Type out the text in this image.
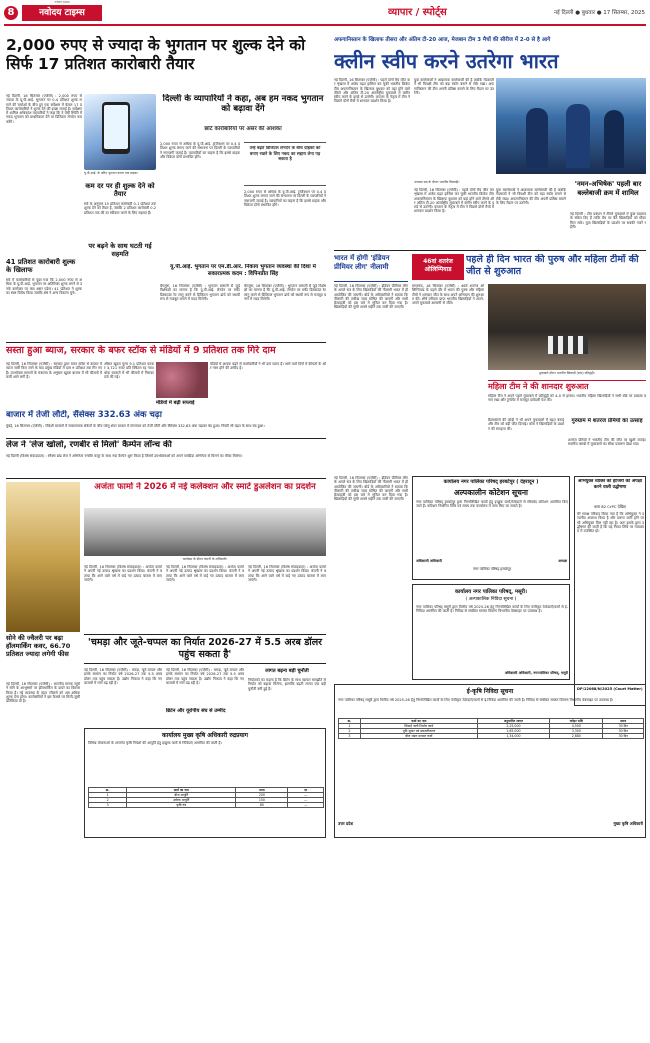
8	नवोदय टाइम्स
नवोदय टाइम्स
व्यापार / स्पोर्ट्स	नई दिल्ली ● बुधवार ● 17 सितम्बर, 2025
2,000 रुपए से ज्यादा के भुगतान पर शुल्क देने को सिर्फ 17 प्रतिशत कारोबारी तैयार

नई दिल्ली, 16 सितम्बर (एजेंसी) : 2,000 रुपए से ज्यादा के यू.पी.आई. भुगतान पर 0.4 प्रतिशत शुल्क लगाने की चर्चाओं के बीच हुए एक सर्वेक्षण में केवल 17 प्रतिशत कारोबारियों ने शुल्क देने की इच्छा जताई है। सर्वेक्षण में शामिल अधिकांश व्यापारियों ने कहा कि वे ऐसी स्थिति में नकद भुगतान को प्राथमिकता देंगे या डिजिटल लेनदेन कम करेंगे।

यू.पी.आई. के जरिए भुगतान करता एक ग्राहक।
कम दर पर ही शुल्क देने को तैयार
सर्वे के अनुसार 15 प्रतिशत कारोबारी 0.1 प्रतिशत तक शुल्क देने को तैयार हैं, जबकि 2 प्रतिशत कारोबारी 0.2 प्रतिशत तक की दर स्वीकार करने के लिए सहमत हैं।
पर बढ़ने के साथ घटती गई सहमति
41 प्रतिशत कारोबारी शुल्क के खिलाफ
सर्वे में कारोबारियों से पूछा गया कि 2,000 रुपए से अधिक के यू.पी.आई. भुगतान पर अतिरिक्त शुल्क लगने से उनके कारोबार पर क्या असर पड़ेगा। 41 प्रतिशत ने शुल्क का स्पष्ट विरोध किया जबकि शेष ने अन्य विकल्प चुने।
दिल्ली के व्यापारियों ने कहा, अब हम नकद भुगतान को बढ़ावा देंगे
छोटे कारोबारियों पर असर की आशंका
2,000 रुपए से अधिक के यू.पी.आई. ट्रांजैक्शन पर 0.4 प्रतिशत शुल्क लगाए जाने की संभावना पर दिल्ली के व्यापारियों ने नाराजगी जताई है। व्यापारियों का कहना है कि इससे ग्राहक और विक्रेता दोनों प्रभावित होंगे।
उन्हें बढ़ते डिजिटल लेनदेन के बीच ग्राहकों को बनाए रखने के लिए नकद का सहारा लेना पड़ सकता है
2,000 रुपए से अधिक के यू.पी.आई. ट्रांजैक्शन पर 0.4 प्रतिशत शुल्क लगाए जाने की संभावना पर दिल्ली के व्यापारियों ने नाराजगी जताई है। व्यापारियों का कहना है कि इससे ग्राहक और विक्रेता दोनों प्रभावित होंगे।
यू.पी.आई. भुगतान पर एम.डी.आर. निकाय भुगतान व्यवस्था की दिशा में सकारात्मक कदम : विपिनप्रीत सिंह
बेंगलुरू, 16 सितम्बर (एजेंसी) : भुगतान प्रणाली से जुड़े विशेषज्ञों का मानना है कि यू.पी.आई. लेनदेन पर मर्चेंट डिस्काउंट रेट लागू करने से डिजिटल भुगतान ढांचे को स्थायी रूप से मजबूत बनाने में मदद मिलेगी।
बेंगलुरू, 16 सितम्बर (एजेंसी) : भुगतान प्रणाली से जुड़े विशेषज्ञों का मानना है कि यू.पी.आई. लेनदेन पर मर्चेंट डिस्काउंट रेट लागू करने से डिजिटल भुगतान ढांचे को स्थायी रूप से मजबूत बनाने में मदद मिलेगी।
सस्ता हुआ ब्याज, सरकार के बफर स्टॉक से मंडियों में 9 प्रतिशत तक गिरे दाम
नई दिल्ली, 16 सितम्बर (एजेंसी) : सरकार द्वारा बफर स्टॉक से बाजार में प्याज जारी किए जाने के बाद प्रमुख मंडियों में दाम 9 प्रतिशत तक गिर गए हैं। उपभोक्ता मामलों के मंत्रालय के अनुसार खुदरा बाजार में भी कीमतों में कमी आने लगी है।
औसत खुदरा मूल्य 9.1 प्रतिशत घटकर 3,721 रुपए प्रति क्विंटल रह गया। थोक बाजारों में भी कीमतों में गिरावट दर्ज की गई।
मंडियों में बढ़ी सप्लाई
मंडियों में आवक बढ़ने से कारोबारियों ने भी दाम घटाए हैं। आने वाले दिनों में कीमतों के और नरम होने की उम्मीद है।
बाजार में तेजी लौटी, सैंसेक्स 332.63 अंक चढ़ा
मुंबई, 16 सितम्बर (एजेंसी) : विदेशी बाजारों में सकारात्मक संकेतों के बीच घरेलू शेयर बाजार में मंगलवार को तेजी लौटी और सैंसेक्स 332.63 अंक चढ़कर बंद हुआ। निफ्टी भी बढ़त के साथ बंद हुआ।
लेज ने 'लेज खोलो, रणबीर से मिलो' कैम्पेन लॉन्च की
नई दिल्ली (विशेष संवाददाता) : स्नैक्स ब्रांड लेज ने अभिनेता रणबीर कपूर के साथ नया कैम्पेन शुरू किया है जिसमें उपभोक्ताओं को अपने पसंदीदा अभिनेता से मिलने का मौका मिलेगा।
अजंता फार्मा ने 2026 में नई कलेक्शन और स्मार्ट डुअलेशन का प्रदर्शन
कार्यक्रम के दौरान कंपनी के अधिकारी।
नई दिल्ली, 16 सितम्बर (विशेष संवाददाता) : अजंता फार्मा ने अपनी नई उत्पाद श्रृंखला का प्रदर्शन किया। कंपनी ने बताया कि आने वाले वर्ष में कई नए उत्पाद बाजार में लाए जाएंगे।
नई दिल्ली, 16 सितम्बर (विशेष संवाददाता) : अजंता फार्मा ने अपनी नई उत्पाद श्रृंखला का प्रदर्शन किया। कंपनी ने बताया कि आने वाले वर्ष में कई नए उत्पाद बाजार में लाए जाएंगे।
नई दिल्ली, 16 सितम्बर (विशेष संवाददाता) : अजंता फार्मा ने अपनी नई उत्पाद श्रृंखला का प्रदर्शन किया। कंपनी ने बताया कि आने वाले वर्ष में कई नए उत्पाद बाजार में लाए जाएंगे।
सोने की ज्वैलरी पर बढ़ा हॉलमार्किंग कवर, 66.70 प्रतिशत ज्यादा लगेगी फीस
नई दिल्ली, 16 सितम्बर (एजेंसी) : भारतीय मानक ब्यूरो ने सोने के आभूषणों पर हॉलमार्किंग के दायरे का विस्तार किया है। नई व्यवस्था के तहत ज्वैलर्स को अब अधिक शुल्क देना होगा। कारोबारियों ने इस फैसले पर मिली-जुली प्रतिक्रिया दी है।
'चमड़ा और जूते-चप्पल का निर्यात 2026-27 में 5.5 अरब डॉलर पहुंच सकता है'
नई दिल्ली, 16 सितम्बर (एजेंसी) : चमड़ा, जूते-चप्पल और इनके सामान का निर्यात वर्ष 2026-27 तक 5.5 अरब डॉलर तक पहुंच सकता है। उद्योग निकाय ने कहा कि नए बाजारों में मांग बढ़ रही है।
नई दिल्ली, 16 सितम्बर (एजेंसी) : चमड़ा, जूते-चप्पल और इनके सामान का निर्यात वर्ष 2026-27 तक 5.5 अरब डॉलर तक पहुंच सकता है। उद्योग निकाय ने कहा कि नए बाजारों में मांग बढ़ रही है।
ब्रिटेन और यूरोपीय संघ से उम्मीद
लागत बढ़ना बड़ी चुनौती
निर्यातकों का कहना है कि ब्रिटेन के साथ व्यापार समझौते से निर्यात को बढ़ावा मिलेगा, हालांकि बढ़ती लागत एक बड़ी चुनौती बनी हुई है।
कार्यालय मुख्य कृषि अधिकारी रुद्रप्रयाग
विभिन्न योजनाओं के अन्तर्गत कृषि निवेशों की आपूर्ति हेतु इच्छुक फर्मों से निविदाएं आमंत्रित की जाती हैं।
क्र.	कार्य का नाम	मात्रा	दर
1	बीज आपूर्ति	200	—
2	उर्वरक आपूर्ति	150	—
3	कृषि यंत्र	80	—
अफगानिस्तान के खिलाफ तीसरा और अंतिम टी-20 आज, मेजबान टीम 3 मैचों की सीरीज में 2-0 से है आगे
क्लीन स्वीप करने उतरेगा भारत
नई दिल्ली, 16 सितम्बर (एजेंसी) : पहले दोनों मैच जीत कर शृंखला में अजेय बढ़त हासिल कर चुकी भारतीय क्रिकेट टीम अफगानिस्तान के खिलाफ बुधवार को यहां होने वाले तीसरे और अंतिम टी-20 अंतर्राष्ट्रीय मुकाबले में क्लीन स्वीप करने के इरादे से उतरेगी। कप्तान के नेतृत्व में टीम ने पिछले दोनों मैचों में शानदार प्रदर्शन किया है।
युवा बल्लेबाजों ने आक्रामक बल्लेबाजी की है जबकि गेंदबाजों ने भी विपक्षी टीम को बड़ा स्कोर बनाने से रोके रखा। अफगानिस्तान की टीम अपनी प्रतिष्ठा बचाने के लिए मैदान पर उतरेगी।
अभ्यास सत्र के दौरान भारतीय खिलाड़ी।
नई दिल्ली, 16 सितम्बर (एजेंसी) : पहले दोनों मैच जीत कर शृंखला में अजेय बढ़त हासिल कर चुकी भारतीय क्रिकेट टीम अफगानिस्तान के खिलाफ बुधवार को यहां होने वाले तीसरे और अंतिम टी-20 अंतर्राष्ट्रीय मुकाबले में क्लीन स्वीप करने के इरादे से उतरेगी। कप्तान के नेतृत्व में टीम ने पिछले दोनों मैचों में शानदार प्रदर्शन किया है।
युवा बल्लेबाजों ने आक्रामक बल्लेबाजी की है जबकि गेंदबाजों ने भी विपक्षी टीम को बड़ा स्कोर बनाने से रोके रखा। अफगानिस्तान की टीम अपनी प्रतिष्ठा बचाने के लिए मैदान पर उतरेगी।
'नमन-अभिषेक' पहली बार बल्लेबाजी क्रम में शामिल
नई दिल्ली : टीम प्रबंधन ने तीसरे मुकाबले में कुछ बदलाव के संकेत दिए हैं ताकि बेंच पर बैठे खिलाड़ियों को मौका मिल सके। युवा खिलाड़ियों के प्रदर्शन पर सबकी नजरें रहेंगी।
भारत में होगी 'इंडियन प्रीमियर लीग' नीलामी
नई दिल्ली, 16 सितम्बर (एजेंसी) : इंडियन प्रीमियर लीग के अगले सत्र के लिए खिलाड़ियों की नीलामी भारत में ही आयोजित की जाएगी। बोर्ड के अधिकारियों ने बताया कि नीलामी की तारीख जल्द घोषित की जाएगी और सभी फ्रेंचाइजी को इस बारे में सूचित कर दिया गया है। खिलाड़ियों की सूची अगले महीने तक जारी की जाएगी।
नई दिल्ली, 16 सितम्बर (एजेंसी) : इंडियन प्रीमियर लीग के अगले सत्र के लिए खिलाड़ियों की नीलामी भारत में ही आयोजित की जाएगी। बोर्ड के अधिकारियों ने बताया कि नीलामी की तारीख जल्द घोषित की जाएगी और सभी फ्रेंचाइजी को इस बारे में सूचित कर दिया गया है। खिलाड़ियों की सूची अगले महीने तक जारी की जाएगी।
46वां शतरंज ओलिम्पियाड
पहले ही दिन भारत की पुरुष और महिला टीमों की जीत से शुरुआत
समरकंद, 16 सितम्बर (एजेंसी) : 46वें शतरंज ओलिम्पियाड के पहले दौर में भारत की पुरुष और महिला टीमों ने शानदार जीत के साथ अपने अभियान की शुरुआत की। शीर्ष वरीयता प्राप्त भारतीय खिलाड़ियों ने अपने-अपने मुकाबले आसानी से जीते।
मुकाबले दौरान भारतीय खिलाड़ी (बाएं) प्रतिद्वंद्वी।
महिला टीम ने की शानदार शुरुआत
महिला टीम ने अपने पहले मुकाबले में प्रतिद्वंद्वी को 4-0 से हराया। भारतीय महिला खिलाड़ियों ने सभी बोर्ड पर दबदबा बनाए रखा और टूर्नामेंट में मजबूत दावेदारी पेश की।
ग्रैंडमास्टर्स की जोड़ी ने भी अपने मुकाबलों में बढ़त बनाई और टीम को बड़ी जीत दिलाई। कोच ने खिलाड़ियों के प्रदर्शन की सराहना की।
गुरुग्राम में शतरंज प्रेमियों का उत्साह
शतरंज प्रेमियों ने भारतीय टीम की जीत पर खुशी जताई। स्थानीय क्लबों में मुकाबलों का सीधा प्रसारण देखा गया।
कार्यालय नगर पालिका परिषद् हरबर्टपुर ( देहरादून )
अल्पकालीन कोटेशन सूचना
नगर पालिका परिषद् हरबर्टपुर द्वारा निम्नलिखित कार्यों हेतु इच्छुक फर्मों/ठेकेदारों से सीलबंद कोटेशन आमंत्रित किए जाते हैं। कोटेशन निर्धारित तिथि एवं समय तक कार्यालय में जमा किए जा सकते हैं।
अधिशासी अधिकारी	अध्यक्ष
नगर पालिका परिषद् हरबर्टपुर
अभियुक्त व्यक्ति की हाजिरी की अपेक्षा करने वाली उद्घोषणा
धारा 82 CrPC देखिए
मेरे समक्ष परिवाद किया गया है कि अभियुक्त ने दण्डनीय अपराध किया है और वारण्ट जारी होने पर भी अभियुक्त मिल नहीं रहा है। अतः इसके द्वारा उद्घोषणा की जाती है कि वह नियत तिथि पर न्यायालय में उपस्थित हो।
DP/12068/N/2025 (Court Matter)
कार्यालय नगर पालिका परिषद्, मसूरी।
( अल्पकालिक निविदा सूचना )
नगर पालिका परिषद् मसूरी द्वारा वित्तीय वर्ष 2025-26 हेतु निम्नलिखित कार्यों के लिए पंजीकृत ठेकेदारों/फर्मों से ई-निविदा आमंत्रित की जाती है। निविदा से संबंधित समस्त विवरण विभागीय वेबसाइट पर उपलब्ध है।
अधिशासी अधिकारी, नगरपालिका परिषद्, मसूरी
ई-कृषि निविदा सूचना
नगर पालिका परिषद् मसूरी द्वारा वित्तीय वर्ष 2025-26 हेतु निम्नलिखित कार्यों के लिए पंजीकृत ठेकेदारों/फर्मों से ई-निविदा आमंत्रित की जाती है। निविदा से संबंधित समस्त विवरण विभागीय वेबसाइट पर उपलब्ध है।
क्र.	कार्य का नाम	अनुमानित लागत	धरोहर राशि	समय
1	सिंचाई नाली निर्माण कार्य	2,25,000	4,500	30 दिन
2	भूमि सुधार एवं समतलीकरण	1,65,000	3,300	30 दिन
3	बीज भंडार मरम्मत कार्य	1,34,000	2,680	30 दिन
उत्तर प्रदेश	मुख्य कृषि अधिकारी
